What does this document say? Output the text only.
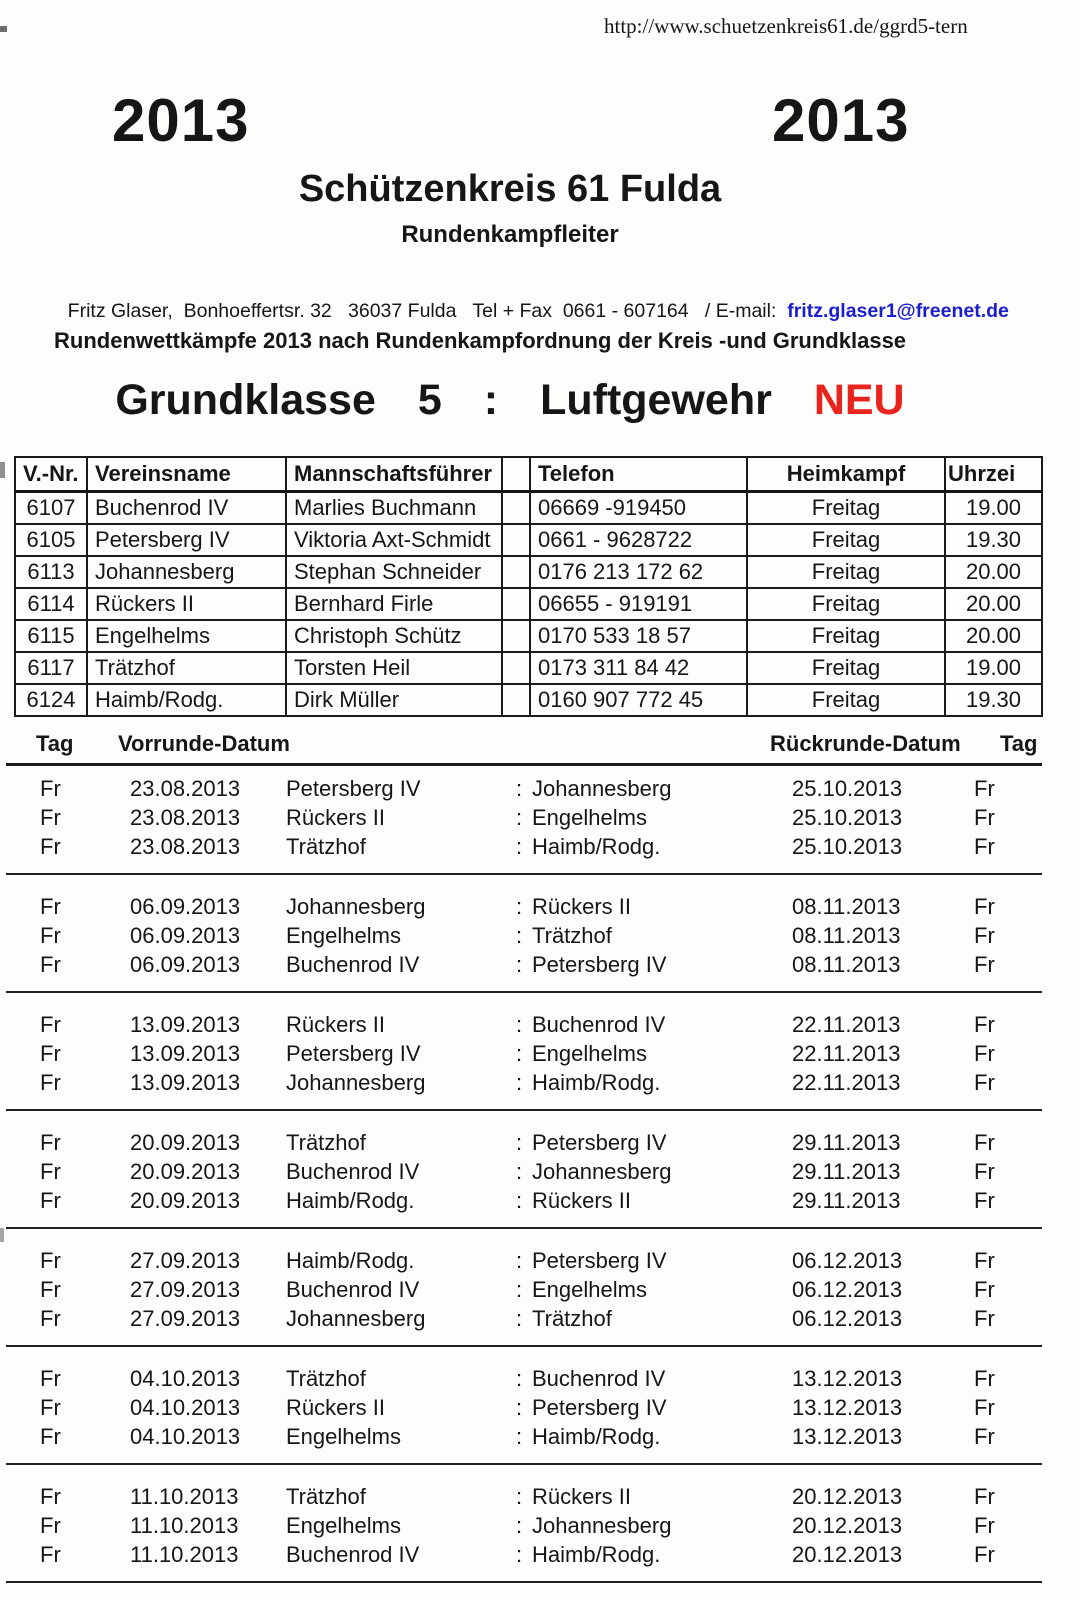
http://www.schuetzenkreis61.de/ggrd5-tern
2013	2013
Schützenkreis 61 Fulda
Rundenkampfleiter

Fritz Glaser,  Bonhoeffertsr. 32   36037 Fulda   Tel + Fax  0661 - 607164   / E-mail:  fritz.glaser1@freenet.de

Rundenwettkämpfe 2013 nach Rundenkampfordnung der Kreis -und Grundklasse
Grundklasse 5 : Luftgewehr NEU
V.-Nr.	Vereinsname	Mannschaftsführer		Telefon	Heimkampf	Uhrzei
6107	Buchenrod IV	Marlies Buchmann		06669 -919450	Freitag	19.00
6105	Petersberg IV	Viktoria Axt-Schmidt		0661 - 9628722	Freitag	19.30
6113	Johannesberg	Stephan Schneider		0176 213 172 62	Freitag	20.00
6114	Rückers II	Bernhard Firle		06655 - 919191	Freitag	20.00
6115	Engelhelms	Christoph Schütz		0170 533 18 57	Freitag	20.00
6117	Trätzhof	Torsten Heil		0173 311 84 42	Freitag	19.00
6124	Haimb/Rodg.	Dirk Müller		0160 907 772 45	Freitag	19.30
Tag Vorrunde-Datum	Rückrunde-Datum Tag
Fr	23.08.2013 Petersberg IV	: Johannesberg	25.10.2013	Fr
Fr	23.08.2013 Rückers II	: Engelhelms	25.10.2013	Fr
Fr	23.08.2013 Trätzhof	: Haimb/Rodg.	25.10.2013	Fr
Fr	06.09.2013 Johannesberg	: Rückers II	08.11.2013	Fr
Fr	06.09.2013 Engelhelms	: Trätzhof	08.11.2013	Fr
Fr	06.09.2013 Buchenrod IV	: Petersberg IV	08.11.2013	Fr
Fr	13.09.2013 Rückers II	: Buchenrod IV	22.11.2013	Fr
Fr	13.09.2013 Petersberg IV	: Engelhelms	22.11.2013	Fr
Fr	13.09.2013 Johannesberg	: Haimb/Rodg.	22.11.2013	Fr
Fr	20.09.2013 Trätzhof	: Petersberg IV	29.11.2013	Fr
Fr	20.09.2013 Buchenrod IV	: Johannesberg	29.11.2013	Fr
Fr	20.09.2013 Haimb/Rodg.	: Rückers II	29.11.2013	Fr
Fr	27.09.2013 Haimb/Rodg.	: Petersberg IV	06.12.2013	Fr
Fr	27.09.2013 Buchenrod IV	: Engelhelms	06.12.2013	Fr
Fr	27.09.2013 Johannesberg	: Trätzhof	06.12.2013	Fr
Fr	04.10.2013 Trätzhof	: Buchenrod IV	13.12.2013	Fr
Fr	04.10.2013 Rückers II	: Petersberg IV	13.12.2013	Fr
Fr	04.10.2013 Engelhelms	: Haimb/Rodg.	13.12.2013	Fr
Fr	11.10.2013 Trätzhof	: Rückers II	20.12.2013	Fr
Fr	11.10.2013 Engelhelms	: Johannesberg	20.12.2013	Fr
Fr	11.10.2013 Buchenrod IV	: Haimb/Rodg.	20.12.2013	Fr
